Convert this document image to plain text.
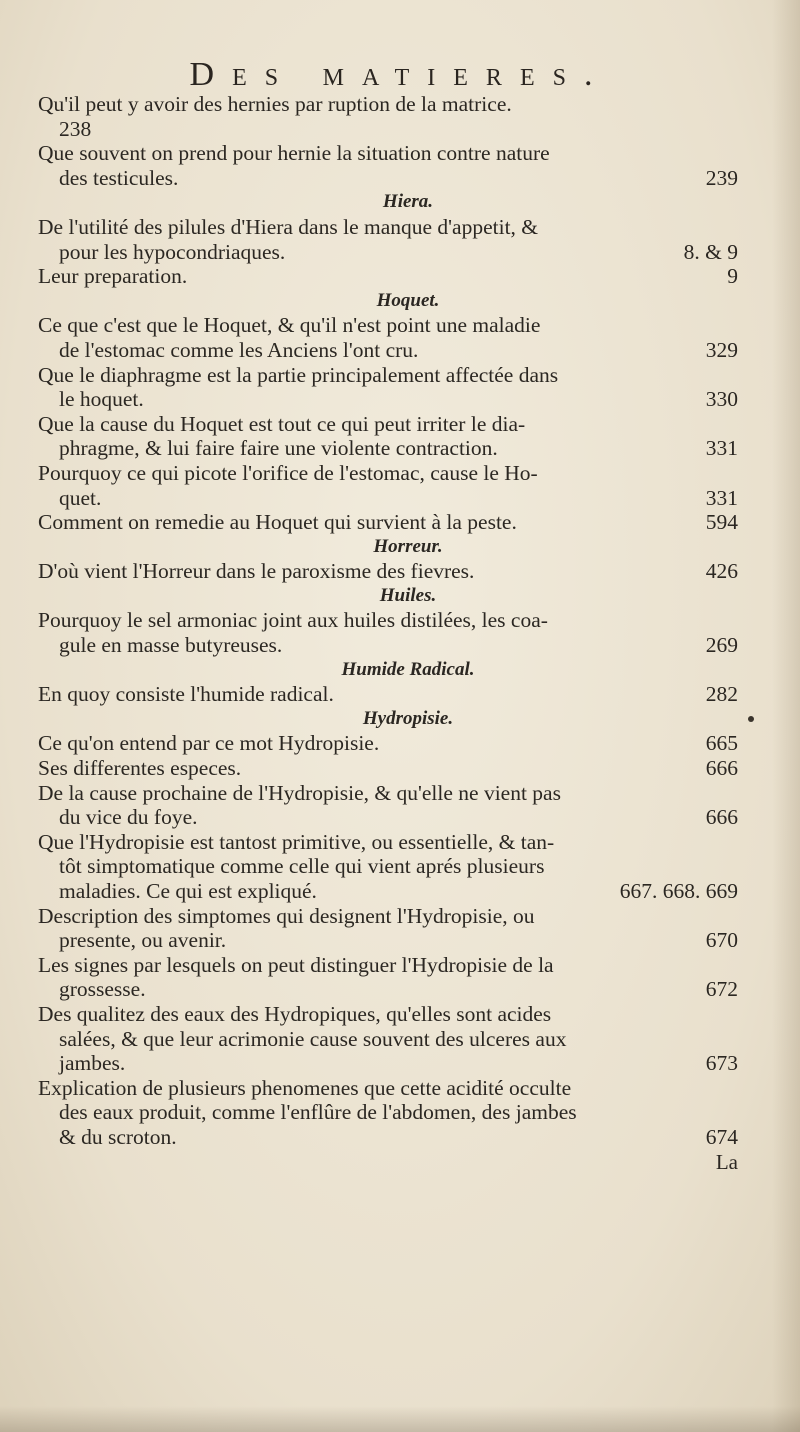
Des matieres.
Qu'il peut y avoir des hernies par ruption de la matrice.
238
Que souvent on prend pour hernie la situation contre nature
des testicules.	239
Hiera.
De l'utilité des pilules d'Hiera dans le manque d'appetit, &
pour les hypocondriaques.	8. & 9
Leur preparation.	9
Hoquet.
Ce que c'est que le Hoquet, & qu'il n'est point une maladie
de l'estomac comme les Anciens l'ont cru.	329
Que le diaphragme est la partie principalement affectée dans
le hoquet.	330
Que la cause du Hoquet est tout ce qui peut irriter le dia-
phragme, & lui faire faire une violente contraction.	331
Pourquoy ce qui picote l'orifice de l'estomac, cause le Ho-
quet.	331
Comment on remedie au Hoquet qui survient à la peste.	594
Horreur.
D'où vient l'Horreur dans le paroxisme des fievres.	426
Huiles.
Pourquoy le sel armoniac joint aux huiles distilées, les coa-
gule en masse butyreuses.	269
Humide Radical.
En quoy consiste l'humide radical.	282
Hydropisie.
Ce qu'on entend par ce mot Hydropisie.	665
Ses differentes especes.	666
De la cause prochaine de l'Hydropisie, & qu'elle ne vient pas
du vice du foye.	666
Que l'Hydropisie est tantost primitive, ou essentielle, & tan-
tôt simptomatique comme celle qui vient aprés plusieurs
maladies. Ce qui est expliqué.	667. 668. 669
Description des simptomes qui designent l'Hydropisie, ou
presente, ou avenir.	670
Les signes par lesquels on peut distinguer l'Hydropisie de la
grossesse.	672
Des qualitez des eaux des Hydropiques, qu'elles sont acides
salées, & que leur acrimonie cause souvent des ulceres aux
jambes.	673
Explication de plusieurs phenomenes que cette acidité occulte
des eaux produit, comme l'enflûre de l'abdomen, des jambes
& du scroton.	674
La
